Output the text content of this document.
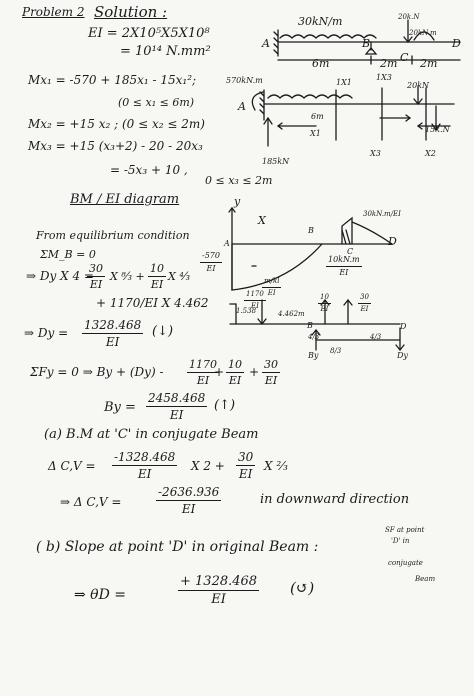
Problem 2 Solution :
EI = 2X10⁵X5X10⁸
= 10¹⁴ N.mm²
Mx₁ = -570 + 185x₁ - 15x₁²;
(0 ≤ x₁ ≤ 6m)
Mx₂ = +15 x₂ ; (0 ≤ x₂ ≤ 2m)
Mx₃ = +15 (x₃+2) - 20 - 20x₃
= -5x₃ + 10 ,
0 ≤ x₃ ≤ 2m
BM / EI diagram
From equilibrium condition
ΣM_B = 0
⇒ Dy X 4 =
$\frac{30}{EI}$ X ⁸⁄₃ + $\frac{10}{EI}$ X ⁴⁄₃
+ 1170/EI X 4.462
⇒ $Dy = \frac{1328.468}{EI}$ (↓)
ΣFy = 0 ⇒ $By + (Dy) - \frac{1170}{EI}$
+ $\frac{10}{EI} + \frac{30}{EI}$
$By = \frac{2458.468}{EI}$ (↑)
(a) B.M at 'C' in conjugate Beam
Δ $C,V = \frac{-1328.468}{EI}$ X $2 + \frac{30}{EI}$ X ²⁄₃
⇒ Δ C,V =	$\frac{-2636.936}{EI}$	in downward direction
( b) Slope at point 'D' in original Beam :
SF at point
'D' in
conjugate
Beam
⇒ θD =	$\frac{+ 1328.468}{EI}$ (↺)
A
30kN/m	20k.N
20kN.m
B
C
D
6m	2m 2m
570kN.m	1X1
1X3
20kN
A
6m
X1
X3	X2
15k.N
185kN
y
X
A
B
C
D
$\frac{-570}{EI}$
30kN.m/EI
$\frac{10kN.m}{EI}$
$\frac{m/kl}{EI}$
$\frac{1170}{EI}$	$\frac{10}{EI}$	$\frac{30}{EI}$
1.538	4.462m
4/3
8/3
4/3
By	Dy
D
B
